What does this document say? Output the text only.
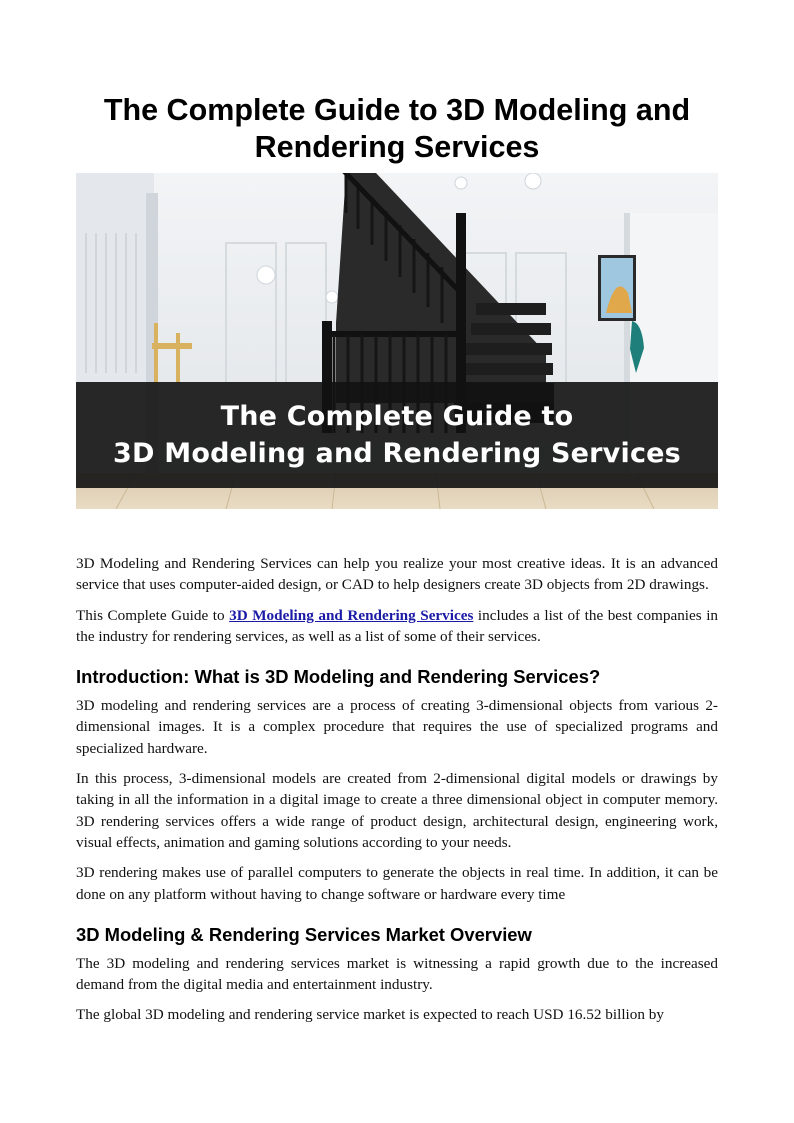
The Complete Guide to 3D Modeling and Rendering Services
The Complete Guide to
3D Modeling and Rendering Services

3D Modeling and Rendering Services can help you realize your most creative ideas. It is an advanced service that uses computer-aided design, or CAD to help designers create 3D objects from 2D drawings.

This Complete Guide to 3D Modeling and Rendering Services includes a list of the best companies in the industry for rendering services, as well as a list of some of their services.

Introduction: What is 3D Modeling and Rendering Services?

3D modeling and rendering services are a process of creating 3-dimensional objects from various 2-dimensional images. It is a complex procedure that requires the use of specialized programs and specialized hardware.

In this process, 3-dimensional models are created from 2-dimensional digital models or drawings by taking in all the information in a digital image to create a three dimensional object in computer memory. 3D rendering services offers a wide range of product design, architectural design, engineering work, visual effects, animation and gaming solutions according to your needs.

3D rendering makes use of parallel computers to generate the objects in real time. In addition, it can be done on any platform without having to change software or hardware every time

3D Modeling & Rendering Services Market Overview

The 3D modeling and rendering services market is witnessing a rapid growth due to the increased demand from the digital media and entertainment industry.

The global 3D modeling and rendering service market is expected to reach USD 16.52 billion by
